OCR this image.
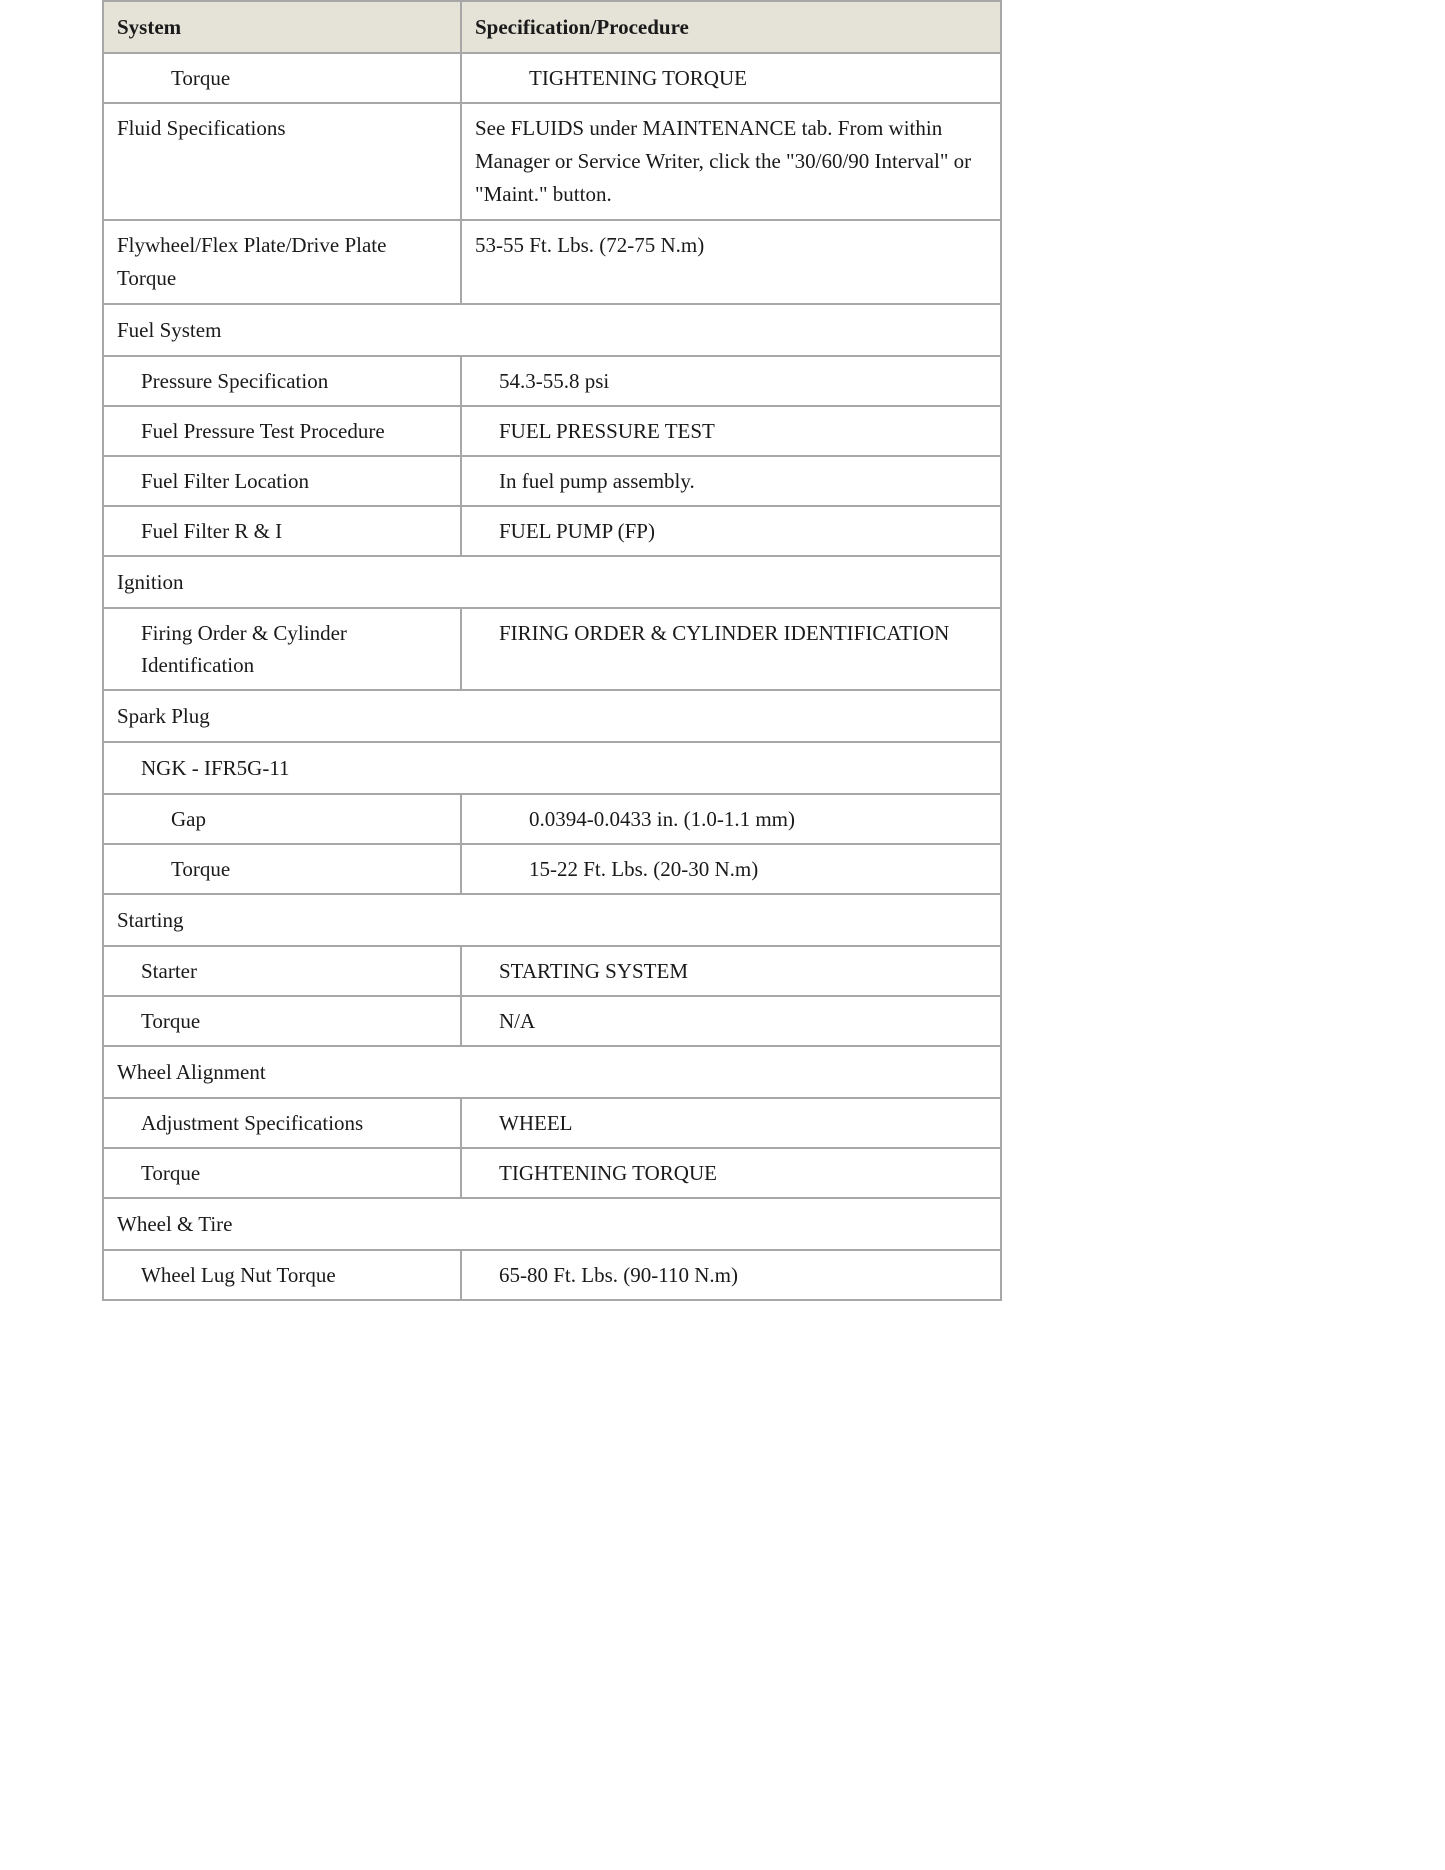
System	Specification/Procedure
Torque	TIGHTENING TORQUE
Fluid Specifications	See FLUIDS under MAINTENANCE tab. From within Manager or Service Writer, click the "30/60/90 Interval" or "Maint." button.
Flywheel/Flex Plate/Drive Plate Torque	53-55 Ft. Lbs. (72-75 N.m)
Fuel System	
Pressure Specification	54.3-55.8 psi
Fuel Pressure Test Procedure	FUEL PRESSURE TEST
Fuel Filter Location	In fuel pump assembly.
Fuel Filter R & I	FUEL PUMP (FP)
Ignition	
Firing Order & Cylinder Identification	FIRING ORDER & CYLINDER IDENTIFICATION
Spark Plug	
NGK - IFR5G-11	
Gap	0.0394-0.0433 in. (1.0-1.1 mm)
Torque	15-22 Ft. Lbs. (20-30 N.m)
Starting	
Starter	STARTING SYSTEM
Torque	N/A
Wheel Alignment	
Adjustment Specifications	WHEEL
Torque	TIGHTENING TORQUE
Wheel & Tire	
Wheel Lug Nut Torque	65-80 Ft. Lbs. (90-110 N.m)
